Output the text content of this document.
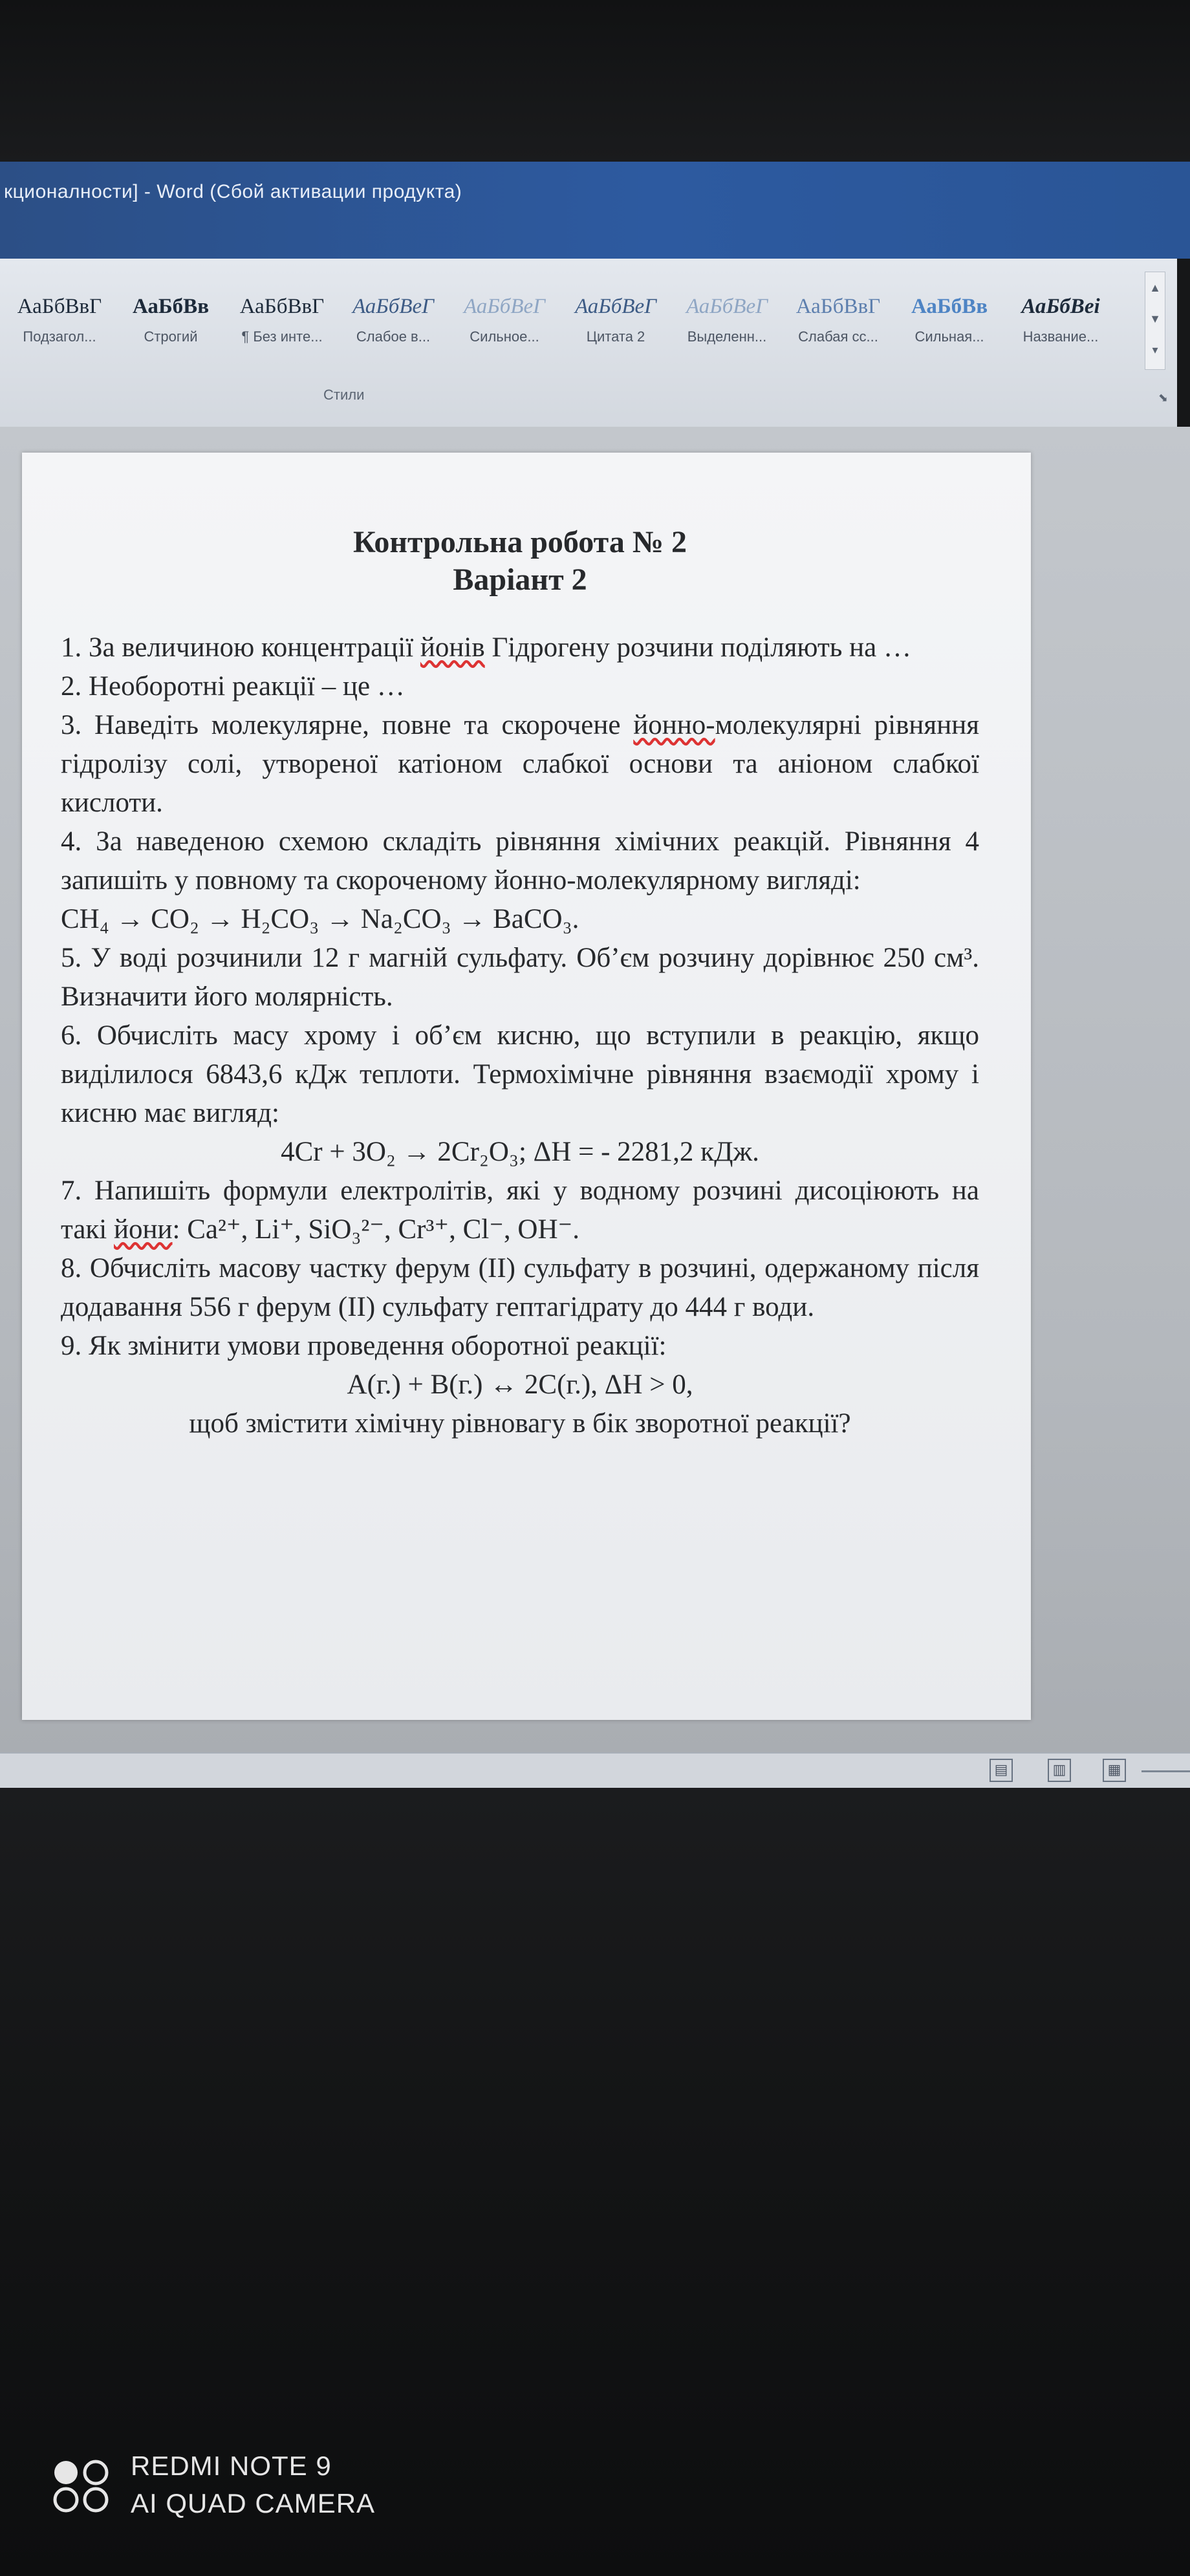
кционалности] - Word (Сбой активации продукта)
АаБбВвГ
Подзагол...
АаБбВв
Строгий
АаБбВвГ
¶ Без инте...
АаБбВеГ
Слабое в...
АаБбВеГ
Сильное...
АаБбВеГ
Цитата 2
АаБбВеГ
Выделенн...
АаБбВвГ
Слабая сс...
АаБбВв
Сильная...
АаБбВеі
Название...
▲
▼
▾
Стили	⬊
Контрольна робота № 2
Варіант 2
1. За величиною концентрації йонів Гідрогену розчини поділяють на …
2. Необоротні реакції – це …
3. Наведіть молекулярне, повне та скорочене йонно-молекулярні рівняння гідролізу солі, утвореної катіоном слабкої основи та аніоном слабкої кислоти.
4. За наведеною схемою складіть рівняння хімічних реакцій. Рівняння 4 запишіть у повному та скороченому йонно-молекулярному вигляді:
CH₄ → CO₂ → H₂CO₃ → Na₂CO₃ → BaCO₃.
5. У воді розчинили 12 г магній сульфату. Об’єм розчину дорівнює 250 см³. Визначити його молярність.
6. Обчисліть масу хрому і об’єм кисню, що вступили в реакцію, якщо виділилося 6843,6 кДж теплоти. Термохімічне рівняння взаємодії хрому і кисню має вигляд:
4Cr + 3O₂ → 2Cr₂O₃; ΔH = - 2281,2 кДж.
7. Напишіть формули електролітів, які у водному розчині дисоціюють на такі йони: Ca²⁺, Li⁺, SiO₃²⁻, Cr³⁺, Cl⁻, OH⁻.
8. Обчисліть масову частку ферум (II) сульфату в розчині, одержаному після додавання 556 г ферум (II) сульфату гептагідрату до 444 г води.
9. Як змінити умови проведення оборотної реакції:
A(г.) + B(г.) ↔ 2C(г.), ΔH > 0,
щоб змістити хімічну рівновагу в бік зворотної реакції?
▤	▥	▦
REDMI NOTE 9
AI QUAD CAMERA
